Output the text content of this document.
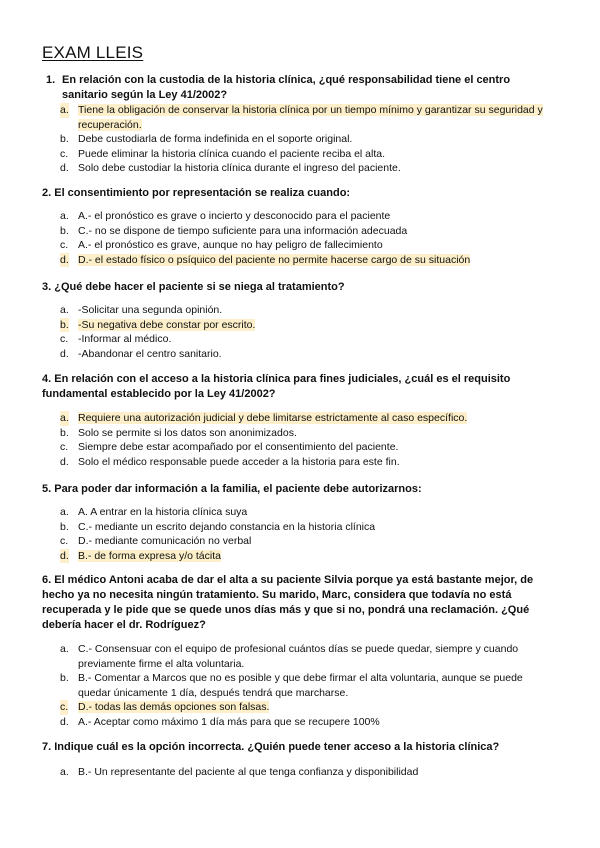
EXAM LLEIS
1. En relación con la custodia de la historia clínica, ¿qué responsabilidad tiene el centro sanitario según la Ley 41/2002?
a. Tiene la obligación de conservar la historia clínica por un tiempo mínimo y garantizar su seguridad y recuperación.
b. Debe custodiarla de forma indefinida en el soporte original.
c. Puede eliminar la historia clínica cuando el paciente reciba el alta.
d. Solo debe custodiar la historia clínica durante el ingreso del paciente.
2. El consentimiento por representación se realiza cuando:
a. A.- el pronóstico es grave o incierto y desconocido para el paciente
b. C.- no se dispone de tiempo suficiente para una información adecuada
c. A.- el pronóstico es grave, aunque no hay peligro de fallecimiento
d. D.- el estado físico o psíquico del paciente no permite hacerse cargo de su situación
3. ¿Qué debe hacer el paciente si se niega al tratamiento?
a. -Solicitar una segunda opinión.
b. -Su negativa debe constar por escrito.
c. -Informar al médico.
d. -Abandonar el centro sanitario.
4. En relación con el acceso a la historia clínica para fines judiciales, ¿cuál es el requisito fundamental establecido por la Ley 41/2002?
a. Requiere una autorización judicial y debe limitarse estrictamente al caso específico.
b. Solo se permite si los datos son anonimizados.
c. Siempre debe estar acompañado por el consentimiento del paciente.
d. Solo el médico responsable puede acceder a la historia para este fin.
5. Para poder dar información a la familia, el paciente debe autorizarnos:
a. A. A entrar en la historia clínica suya
b. C.- mediante un escrito dejando constancia en la historia clínica
c. D.- mediante comunicación no verbal
d. B.- de forma expresa y/o tácita
6. El médico Antoni acaba de dar el alta a su paciente Silvia porque ya está bastante mejor, de hecho ya no necesita ningún tratamiento. Su marido, Marc, considera que todavía no está recuperada y le pide que se quede unos días más y que si no, pondrá una reclamación. ¿Qué debería hacer el dr. Rodríguez?
a. C.- Consensuar con el equipo de profesional cuántos días se puede quedar, siempre y cuando previamente firme el alta voluntaria.
b. B.- Comentar a Marcos que no es posible y que debe firmar el alta voluntaria, aunque se puede quedar únicamente 1 día, después tendrá que marcharse.
c. D.- todas las demás opciones son falsas.
d. A.- Aceptar como máximo 1 día más para que se recupere 100%
7. Indique cuál es la opción incorrecta. ¿Quién puede tener acceso a la historia clínica?
a. B.- Un representante del paciente al que tenga confianza y disponibilidad
